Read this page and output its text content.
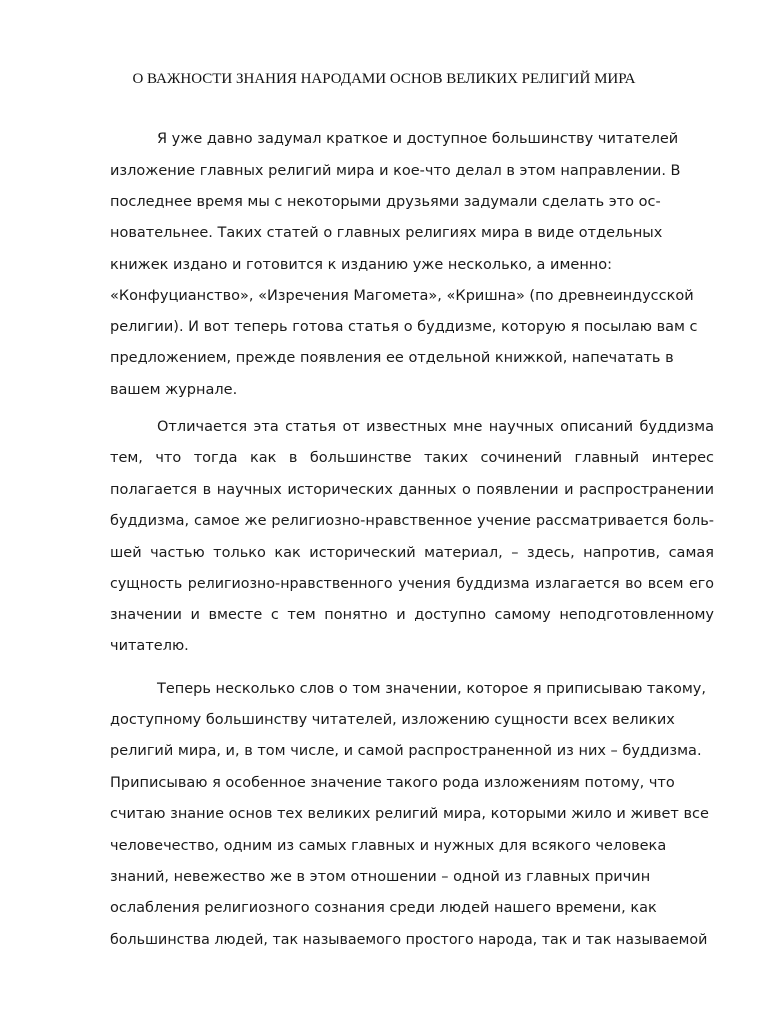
О ВАЖНОСТИ ЗНАНИЯ НАРОДАМИ ОСНОВ ВЕЛИКИХ РЕЛИГИЙ МИРА
Я уже давно задумал краткое и доступное большинству читателей
изложение главных религий мира и кое-что делал в этом направлении. В
последнее время мы с некоторыми друзьями задумали сделать это ос-
новательнее. Таких статей о главных религиях мира в виде отдельных
книжек издано и готовится к изданию уже несколько, а именно:
«Конфуцианство», «Изречения Магомета», «Кришна» (по древнеиндусской
религии). И вот теперь готова статья о буддизме, которую я посылаю вам с
предложением, прежде появления ее отдельной книжкой, напечатать в
вашем журнале.
Отличается эта статья от известных мне научных описаний буддизма
тем, что тогда как в большинстве таких сочинений главный интерес
полагается в научных исторических данных о появлении и распространении
буддизма, самое же религиозно-нравственное учение рассматривается боль-
шей частью только как исторический материал, – здесь, напротив, самая
сущность религиозно-нравственного учения буддизма излагается во всем его
значении и вместе с тем понятно и доступно самому неподготовленному
читателю.
Теперь несколько слов о том значении, которое я приписываю такому,
доступному большинству читателей, изложению сущности всех великих
религий мира, и, в том числе, и самой распространенной из них – буддизма.
Приписываю я особенное значение такого рода изложениям потому, что
считаю знание основ тех великих религий мира, которыми жило и живет все
человечество, одним из самых главных и нужных для всякого человека
знаний, невежество же в этом отношении – одной из главных причин
ослабления религиозного сознания среди людей нашего времени, как
большинства людей, так называемого простого народа, так и так называемой
